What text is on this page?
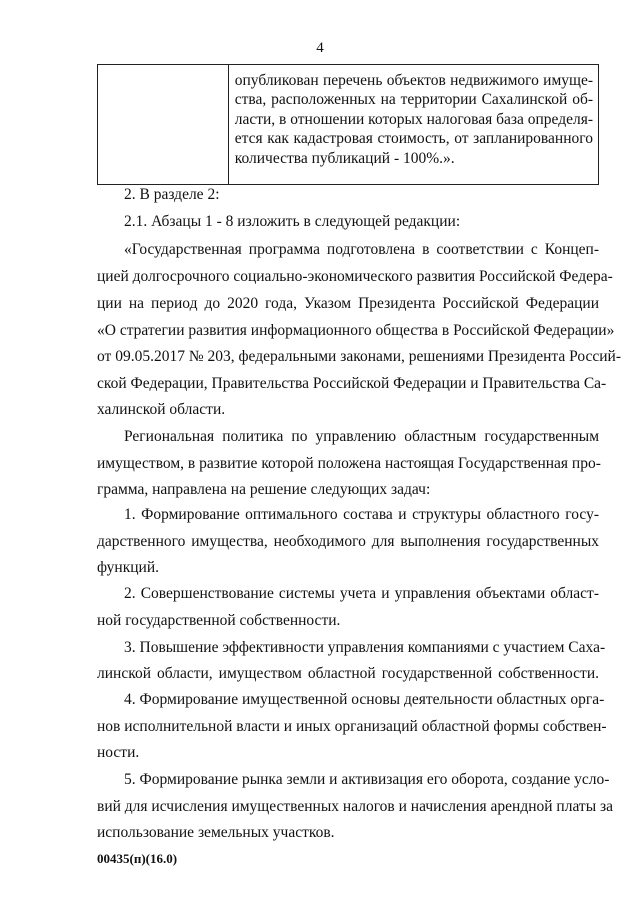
4

опубликован перечень объектов недвижимого имуще-
ства, расположенных на территории Сахалинской об-
ласти, в отношении которых налоговая база определя-
ется как кадастровая стоимость, от запланированного
количества публикаций - 100%.».
2. В разделе 2:
2.1. Абзацы 1 - 8 изложить в следующей редакции:
«Государственная программа подготовлена в соответствии с Концеп-
цией долгосрочного социально-экономического развития Российской Федера-
ции на период до 2020 года, Указом Президента Российской Федерации
«О стратегии развития информационного общества в Российской Федерации»
от 09.05.2017 № 203, федеральными законами, решениями Президента Россий-
ской Федерации, Правительства Российской Федерации и Правительства Са-
халинской области.
Региональная политика по управлению областным государственным
имуществом, в развитие которой положена настоящая Государственная про-
грамма, направлена на решение следующих задач:
1. Формирование оптимального состава и структуры областного госу-
дарственного имущества, необходимого для выполнения государственных
функций.
2. Совершенствование системы учета и управления объектами област-
ной государственной собственности.
3. Повышение эффективности управления компаниями с участием Саха-
линской области, имуществом областной государственной собственности.
4. Формирование имущественной основы деятельности областных орга-
нов исполнительной власти и иных организаций областной формы собствен-
ности.
5. Формирование рынка земли и активизация его оборота, создание усло-
вий для исчисления имущественных налогов и начисления арендной платы за
использование земельных участков.
00435(п)(16.0)
